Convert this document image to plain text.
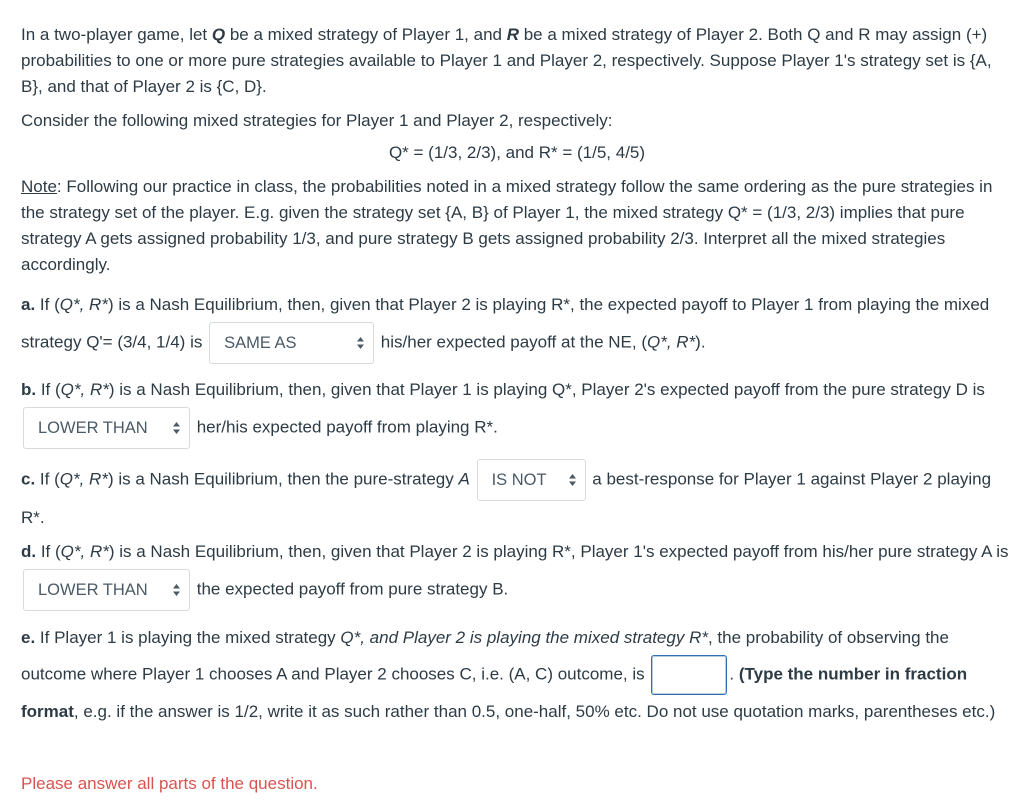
In a two-player game, let Q be a mixed strategy of Player 1, and R be a mixed strategy of Player 2. Both Q and R may assign (+) probabilities to one or more pure strategies available to Player 1 and Player 2, respectively. Suppose Player 1's strategy set is {A, B}, and that of Player 2 is {C, D}.

Consider the following mixed strategies for Player 1 and Player 2, respectively:

Q* = (1/3, 2/3), and R* = (1/5, 4/5)

Note: Following our practice in class, the probabilities noted in a mixed strategy follow the same ordering as the pure strategies in the strategy set of the player. E.g. given the strategy set {A, B} of Player 1, the mixed strategy Q* = (1/3, 2/3) implies that pure strategy A gets assigned probability 1/3, and pure strategy B gets assigned probability 2/3. Interpret all the mixed strategies accordingly.

a. If (Q*, R*) is a Nash Equilibrium, then, given that Player 2 is playing R*, the expected payoff to Player 1 from playing the mixed strategy Q'= (3/4, 1/4) is SAME AS	his/her expected payoff at the NE, (Q*, R*).

b. If (Q*, R*) is a Nash Equilibrium, then, given that Player 1 is playing Q*, Player 2's expected payoff from the pure strategy D is
LOWER THAN	her/his expected payoff from playing R*.

c. If (Q*, R*) is a Nash Equilibrium, then the pure-strategy A IS NOT a best-response for Player 1 against Player 2 playing R*.

d. If (Q*, R*) is a Nash Equilibrium, then, given that Player 2 is playing R*, Player 1's expected payoff from his/her pure strategy A is
LOWER THAN	the expected payoff from pure strategy B.

e. If Player 1 is playing the mixed strategy Q*, and Player 2 is playing the mixed strategy R*, the probability of observing the outcome where Player 1 chooses A and Player 2 chooses C, i.e. (A, C) outcome, is	. (Type the number in fraction format, e.g. if the answer is 1/2, write it as such rather than 0.5, one-half, 50% etc. Do not use quotation marks, parentheses etc.)

Please answer all parts of the question.
